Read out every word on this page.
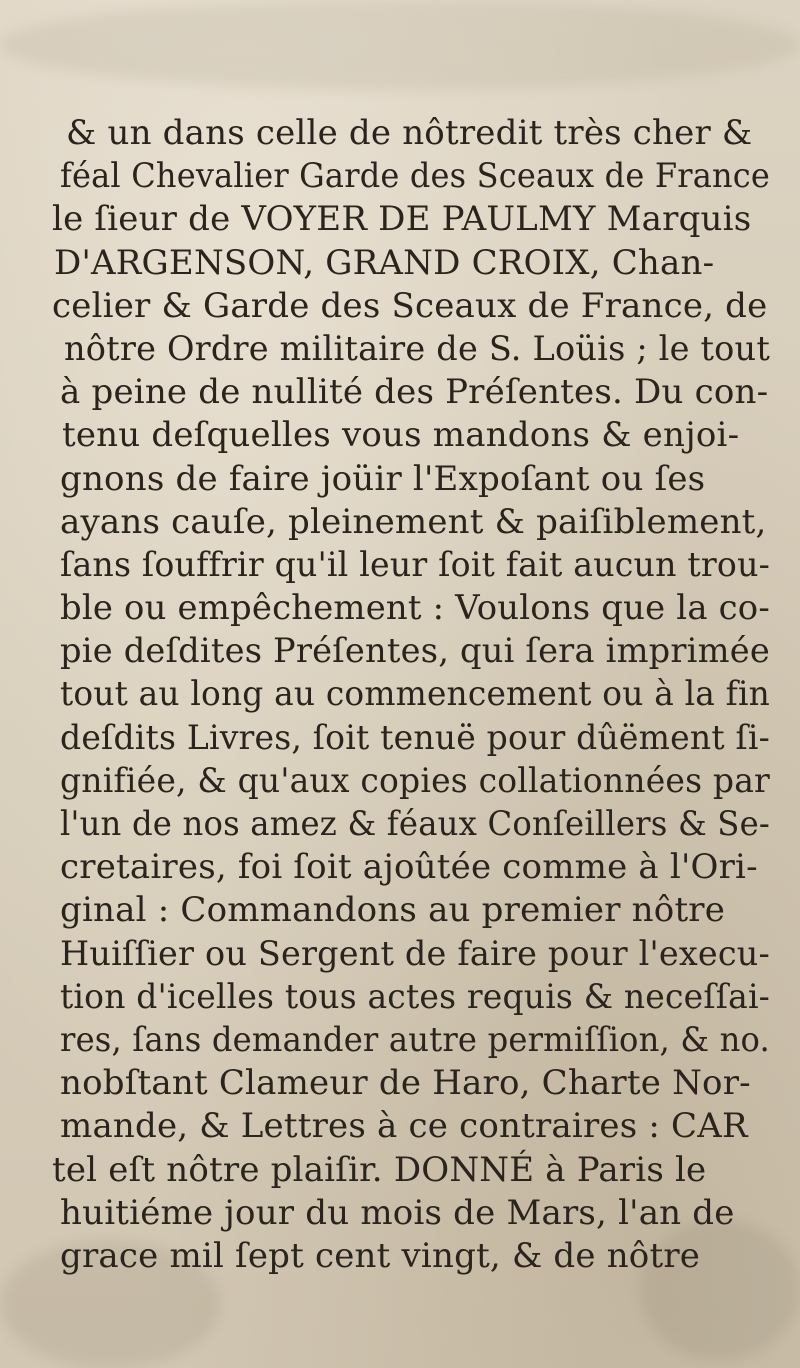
& un dans celle de nôtredit très cher &
féal Chevalier Garde des Sceaux de France
le ſieur de VOYER DE PAULMY Marquis
D'ARGENSON, GRAND CROIX, Chan-
celier & Garde des Sceaux de France, de
nôtre Ordre militaire de S. Loüis ; le tout
à peine de nullité des Préſentes. Du con-
tenu deſquelles vous mandons & enjoi-
gnons de faire joüir l'Expoſant ou ſes
ayans cauſe, pleinement & paiſiblement,
ſans ſouffrir qu'il leur ſoit fait aucun trou-
ble ou empêchement : Voulons que la co-
pie deſdites Préſentes, qui ſera imprimée
tout au long au commencement ou à la fin
deſdits Livres, ſoit tenuë pour dûëment ſi-
gnifiée, & qu'aux copies collationnées par
l'un de nos amez & féaux Conſeillers & Se-
cretaires, foi ſoit ajoûtée comme à l'Ori-
ginal : Commandons au premier nôtre
Huiſſier ou Sergent de faire pour l'execu-
tion d'icelles tous actes requis & neceſſai-
res, ſans demander autre permiſſion, & no.
nobſtant Clameur de Haro, Charte Nor-
mande, & Lettres à ce contraires : CAR
tel eſt nôtre plaiſir. DONNÉ à Paris le
huitiéme jour du mois de Mars, l'an de
grace mil ſept cent vingt, & de nôtre
